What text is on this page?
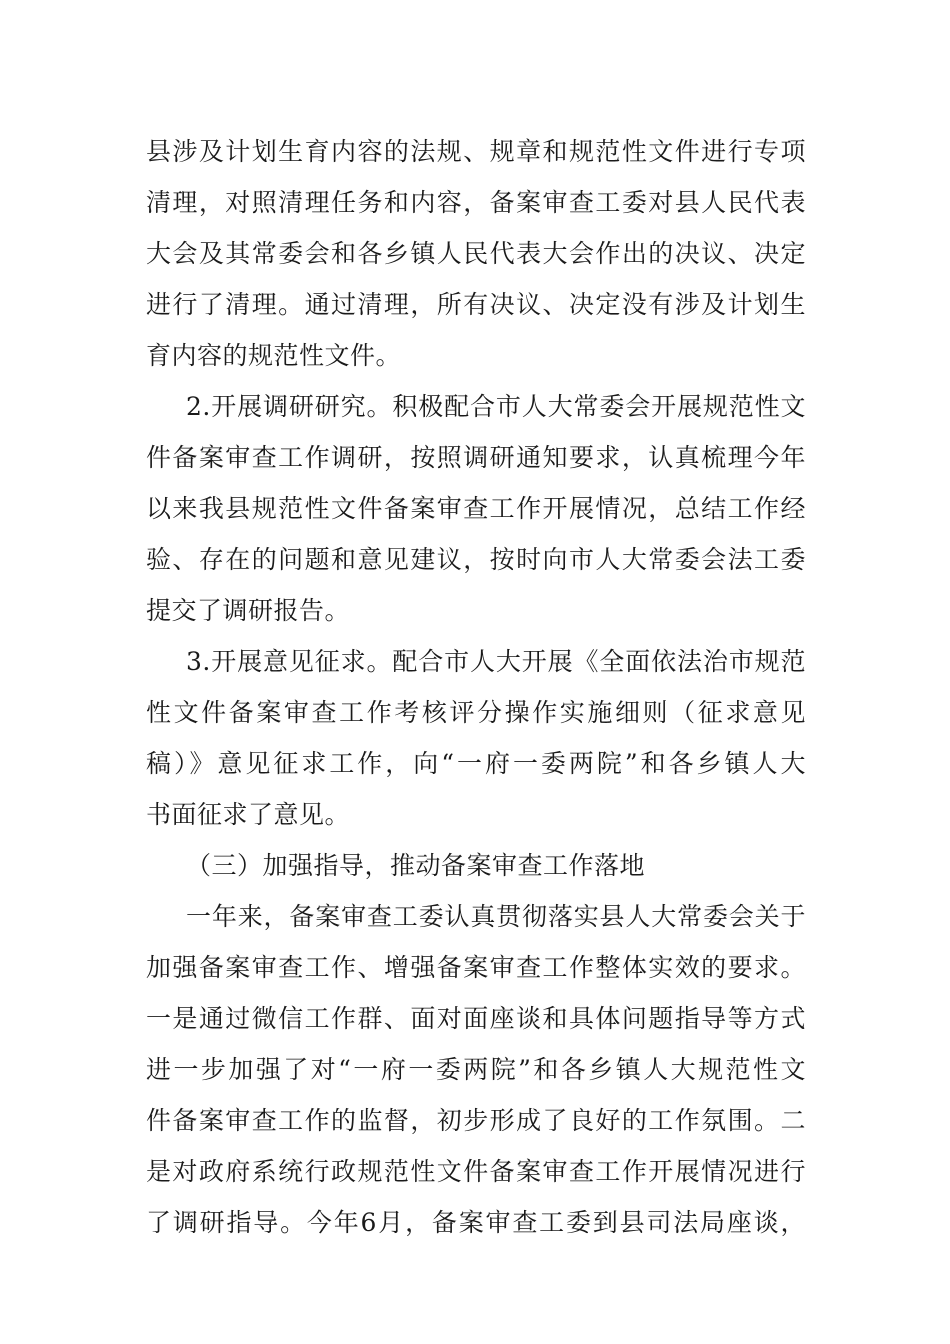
县涉及计划生育内容的法规、规章和规范性文件进行专项
清理，对照清理任务和内容，备案审查工委对县人民代表
大会及其常委会和各乡镇人民代表大会作出的决议、决定
进行了清理。通过清理，所有决议、决定没有涉及计划生
育内容的规范性文件。
2.开展调研研究。积极配合市人大常委会开展规范性文
件备案审查工作调研，按照调研通知要求，认真梳理今年
以来我县规范性文件备案审查工作开展情况，总结工作经
验、存在的问题和意见建议，按时向市人大常委会法工委
提交了调研报告。
3.开展意见征求。配合市人大开展《全面依法治市规范
性文件备案审查工作考核评分操作实施细则（征求意见
稿）》意见征求工作，向“一府一委两院”和各乡镇人大
书面征求了意见。
（三）加强指导，推动备案审查工作落地
一年来，备案审查工委认真贯彻落实县人大常委会关于
加强备案审查工作、增强备案审查工作整体实效的要求。
一是通过微信工作群、面对面座谈和具体问题指导等方式
进一步加强了对“一府一委两院”和各乡镇人大规范性文
件备案审查工作的监督，初步形成了良好的工作氛围。二
是对政府系统行政规范性文件备案审查工作开展情况进行
了调研指导。今年6月，备案审查工委到县司法局座谈，
